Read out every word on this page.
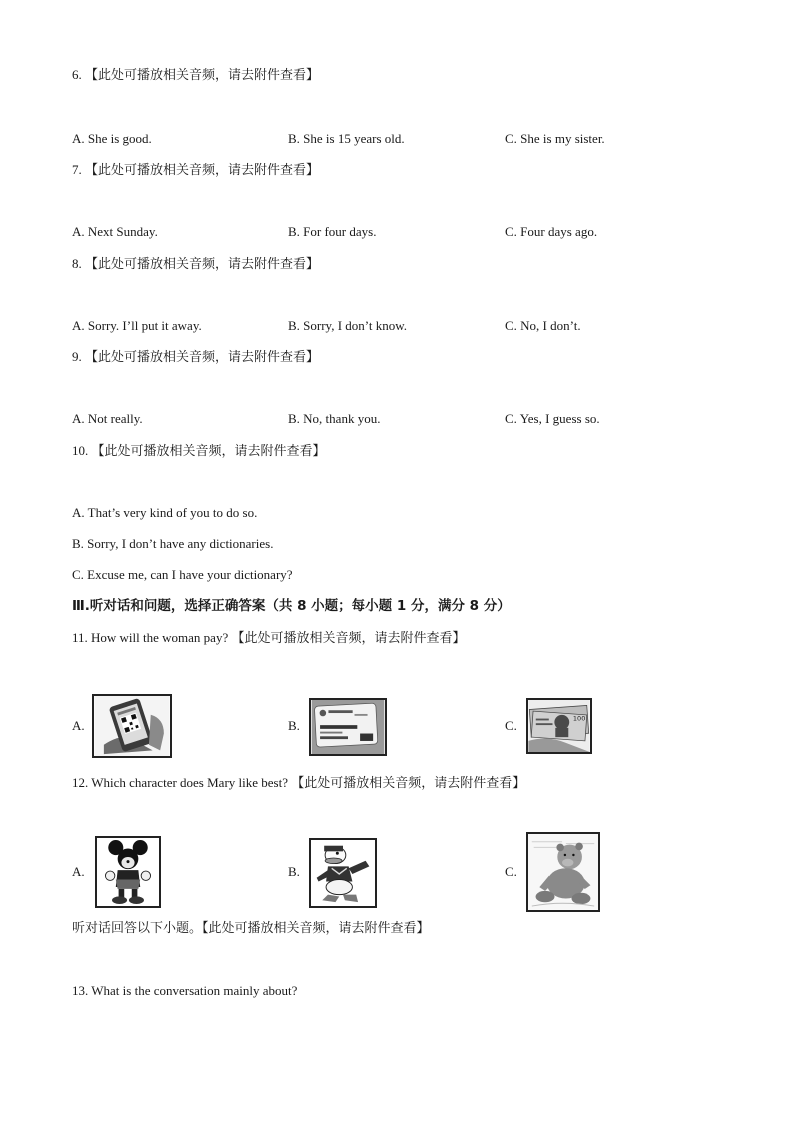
6. 【此处可播放相关音频，请去附件查看】
A. She is good.	B. She is 15 years old.	C. She is my sister.
7. 【此处可播放相关音频，请去附件查看】
A. Next Sunday.	B. For four days.	C. Four days ago.
8. 【此处可播放相关音频，请去附件查看】
A. Sorry. I’ll put it away.	B. Sorry, I don’t know.	C. No, I don’t.
9. 【此处可播放相关音频，请去附件查看】
A. Not really.	B. No, thank you.	C. Yes, I guess so.
10. 【此处可播放相关音频，请去附件查看】
A. That’s very kind of you to do so.
B. Sorry, I don’t have any dictionaries.
C. Excuse me, can I have your dictionary?
Ⅲ.听对话和问题，选择正确答案（共 8 小题；每小题 1 分，满分 8 分）
11. How will the woman pay? 【此处可播放相关音频，请去附件查看】
A.	B.	C.	100
12. Which character does Mary like best? 【此处可播放相关音频，请去附件查看】
A.	B.	C.
听对话回答以下小题。【此处可播放相关音频，请去附件查看】
13. What is the conversation mainly about?
